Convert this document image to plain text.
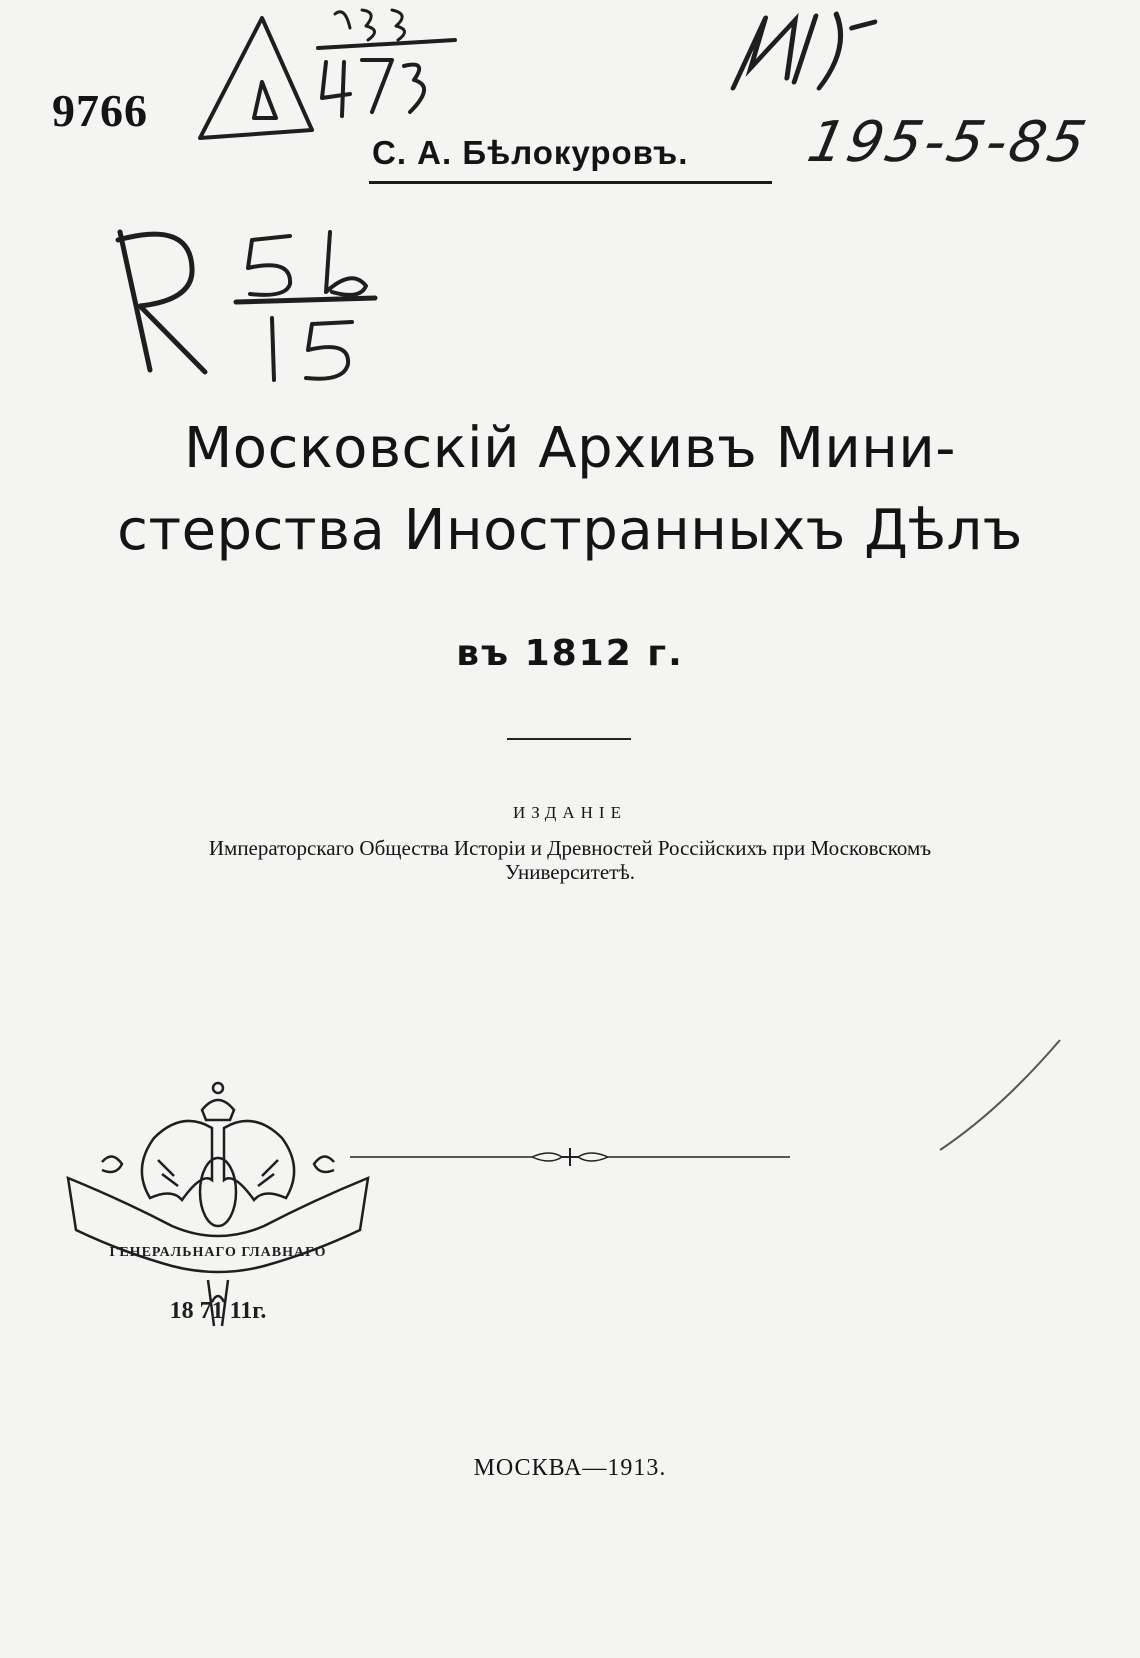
9766
С. А. Бѣлокуровъ. 195-5-85
Московскій Архивъ Мини-
стерства Иностранныхъ Дѣлъ
въ 1812 г.
ИЗДАНІЕ
Императорскаго Общества Исторіи и Древностей Россійскихъ при Московскомъ
Университетѣ.
ГЕНЕРАЛЬНАГО ГЛАВНАГО
18 71 11г.
МОСКВА—1913.
